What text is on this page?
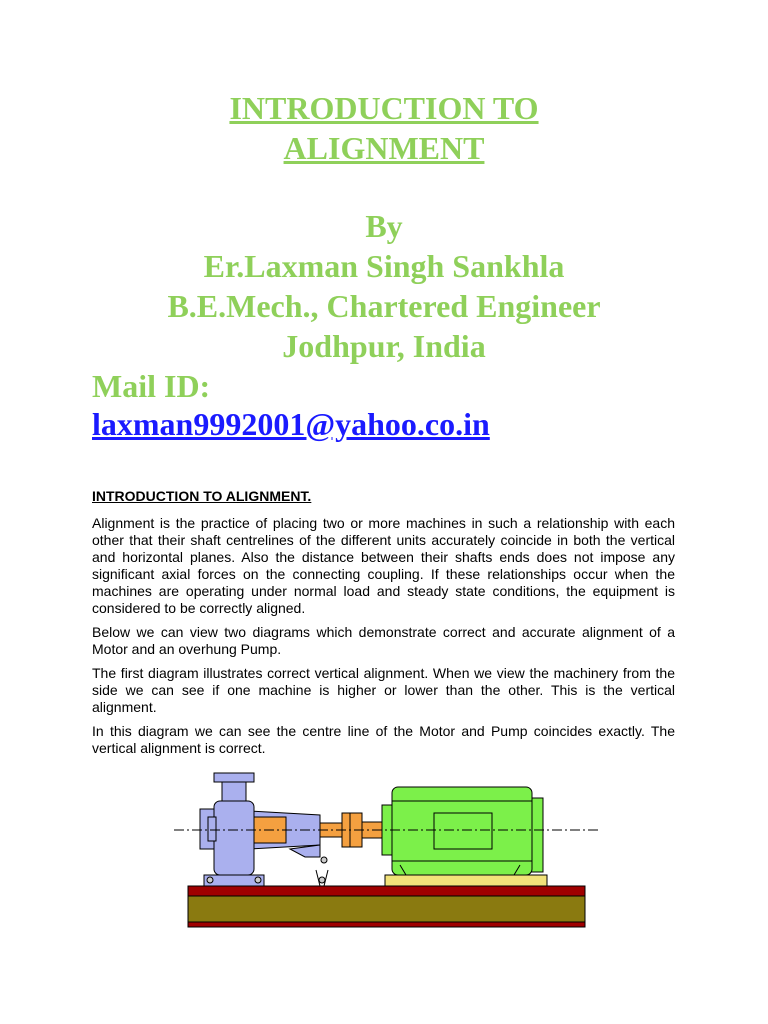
INTRODUCTION TO
ALIGNMENT
By
Er.Laxman Singh Sankhla
B.E.Mech., Chartered Engineer
Jodhpur, India
Mail ID:
laxman9992001@yahoo.co.in

INTRODUCTION TO ALIGNMENT.

Alignment is the practice of placing two or more machines in such a relationship with each other that their shaft centrelines of the different units accurately coincide in both the vertical and horizontal planes. Also the distance between their shafts ends does not impose any significant axial forces on the connecting coupling. If these relationships occur when the machines are operating under normal load and steady state conditions, the equipment is considered to be correctly aligned.

Below we can view two diagrams which demonstrate correct and accurate alignment of a Motor and an overhung Pump.

The first diagram illustrates correct vertical alignment. When we view the machinery from the side we can see if one machine is higher or lower than the other. This is the vertical alignment.

In this diagram we can see the centre line of the Motor and Pump coincides exactly. The vertical alignment is correct.
